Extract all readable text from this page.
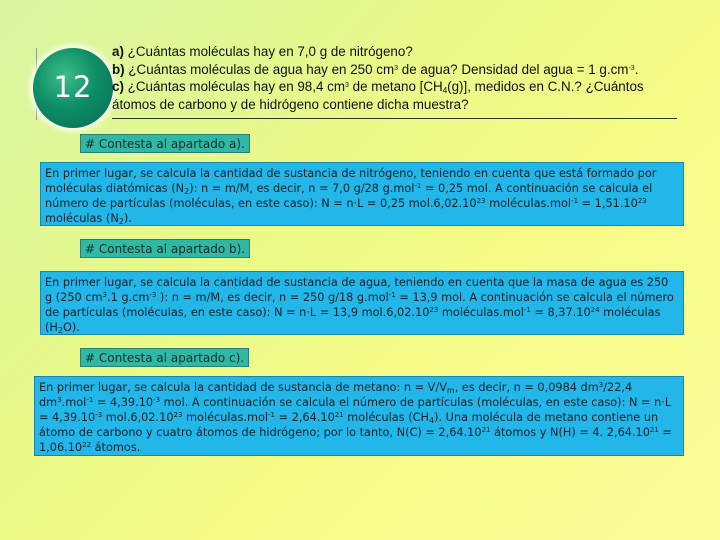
12
a) ¿Cuántas moléculas hay en 7,0 g de nitrógeno?
b) ¿Cuántas moléculas de agua hay en 250 $cm^3$ de agua? Densidad del agua = 1 $g.cm^{-3}$.
c) ¿Cuántas moléculas hay en 98,4 $cm^3$ de metano $[CH_4(g)]$, medidos en C.N.? ¿Cuántos átomos de carbono y de hidrógeno contiene dicha muestra?
# Contesta al apartado a).
En primer lugar, se calcula la cantidad de sustancia de nitrógeno, teniendo en cuenta que está formado por moléculas diatómicas $(N_2)$: n = m/M, es decir, n = 7,0 g/28 g.mol$^{-1}$ = 0,25 mol. A continuación se calcula el número de partículas (moléculas, en este caso): N = n·L = 0,25 mol.6,02.10$^{23}$ moléculas.mol$^{-1}$ = $1,51.10^{23}$ moléculas $(N_2)$.
# Contesta al apartado b).
En primer lugar, se calcula la cantidad de sustancia de agua, teniendo en cuenta que la masa de agua es 250 g (250 $cm^3.1$ $g.cm^{-3}$ ): n = m/M, es decir, n = 250 g/18 g.mol$^{-1}$ = 13,9 mol. A continuación se calcula el número de partículas (moléculas, en este caso): N = n·L = 13,9 mol.6,02.10$^{23}$ moléculas.mol$^{-1}$ = $8,37.10^{24}$ moléculas $(H_2O)$.
# Contesta al apartado c).
En primer lugar, se calcula la cantidad de sustancia de metano: $n = V/V_m$, es decir, n = 0,0984 $dm^3/22,4$ $dm^3.mol^{-1} = 4,39.10^{-3}$ mol. A continuación se calcula el número de partículas (moléculas, en este caso): $N = n\cdot L = 4,39.10^{-3}$ mol.6,02.10$^{23}$ moléculas.mol$^{-1}$ = $2,64.10^{21}$ moléculas $(CH_4)$. Una molécula de metano contiene un átomo de carbono y cuatro átomos de hidrógeno; por lo tanto, $N(C) = 2,64.10^{21}$ átomos y N(H) = 4. $2,64.10^{21} = 1,06.10^{22}$ átomos.
